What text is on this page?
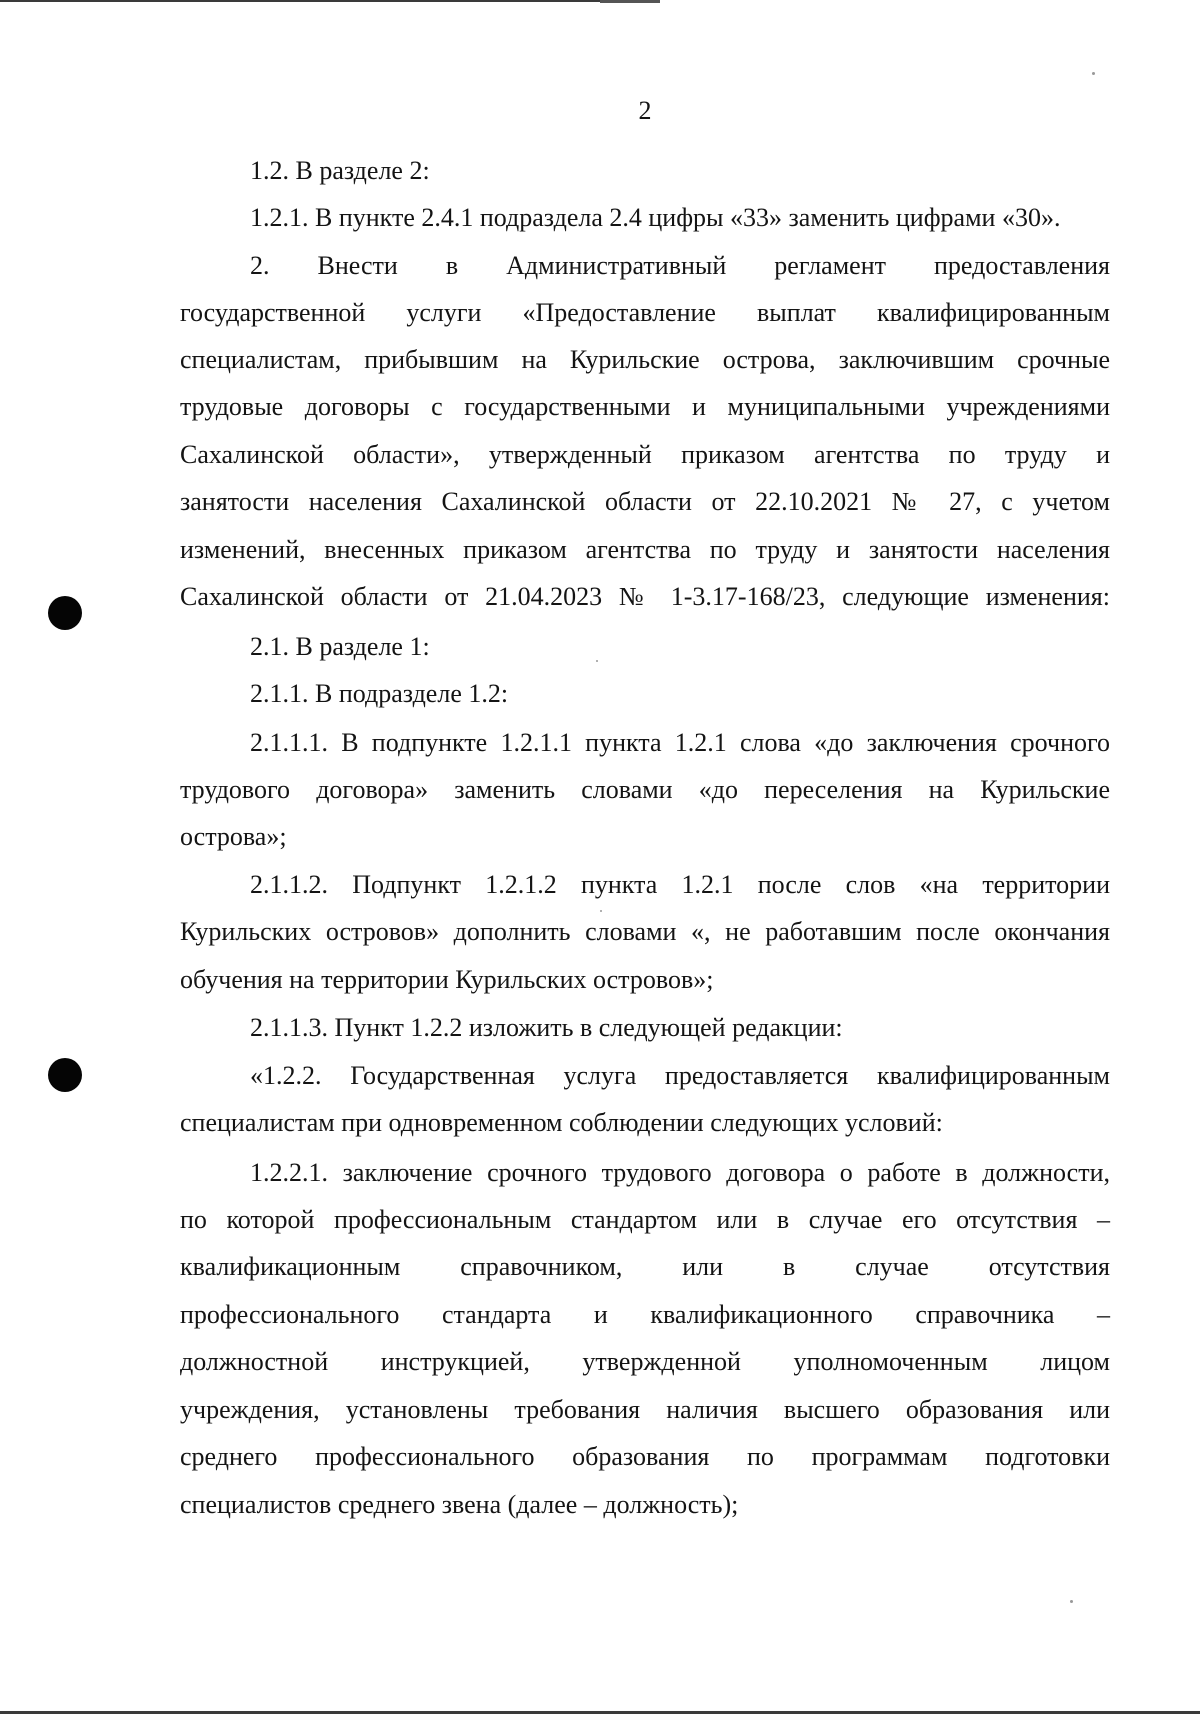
2
1.2. В разделе 2:
1.2.1. В пункте 2.4.1 подраздела 2.4 цифры «33» заменить цифрами «30».
2. Внести в Административный регламент предоставления
государственной услуги «Предоставление выплат квалифицированным
специалистам, прибывшим на Курильские острова, заключившим срочные
трудовые договоры с государственными и муниципальными учреждениями
Сахалинской области», утвержденный приказом агентства по труду и
занятости населения Сахалинской области от 22.10.2021 № 27, с учетом
изменений, внесенных приказом агентства по труду и занятости населения
Сахалинской области от 21.04.2023 № 1-3.17-168/23, следующие изменения:
2.1. В разделе 1:
2.1.1. В подразделе 1.2:
2.1.1.1. В подпункте 1.2.1.1 пункта 1.2.1 слова «до заключения срочного
трудового договора» заменить словами «до переселения на Курильские
острова»;
2.1.1.2. Подпункт 1.2.1.2 пункта 1.2.1 после слов «на территории
Курильских островов» дополнить словами «, не работавшим после окончания
обучения на территории Курильских островов»;
2.1.1.3. Пункт 1.2.2 изложить в следующей редакции:
«1.2.2. Государственная услуга предоставляется квалифицированным
специалистам при одновременном соблюдении следующих условий:
1.2.2.1. заключение срочного трудового договора о работе в должности,
по которой профессиональным стандартом или в случае его отсутствия –
квалификационным справочником, или в случае отсутствия
профессионального стандарта и квалификационного справочника –
должностной инструкцией, утвержденной уполномоченным лицом
учреждения, установлены требования наличия высшего образования или
среднего профессионального образования по программам подготовки
специалистов среднего звена (далее – должность);
